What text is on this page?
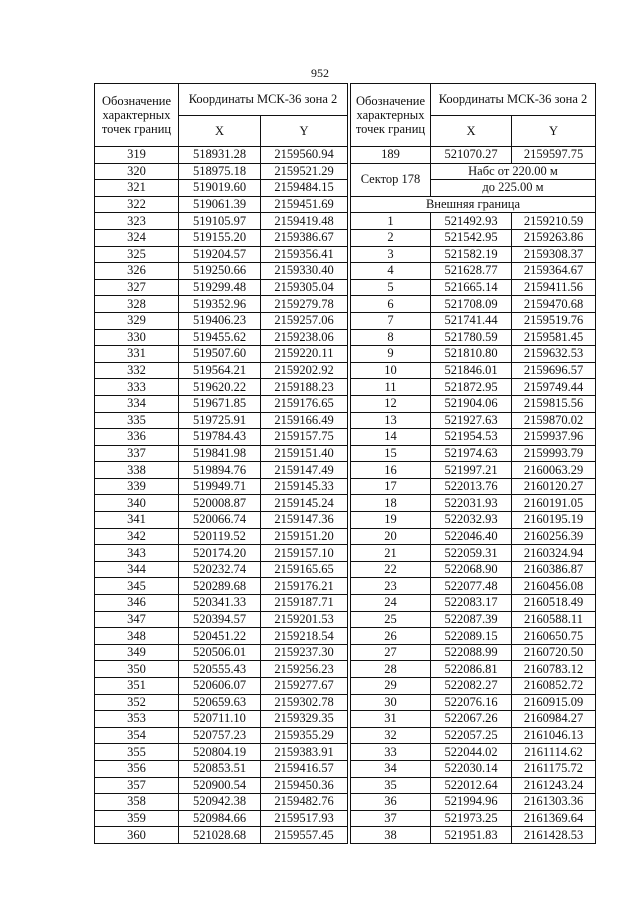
952
Обозначение характерных точек границ	Координаты МСК-36 зона 2	
	X	Y
319	518931.28	2159560.94
320	518975.18	2159521.29
321	519019.60	2159484.15
322	519061.39	2159451.69
323	519105.97	2159419.48
324	519155.20	2159386.67
325	519204.57	2159356.41
326	519250.66	2159330.40
327	519299.48	2159305.04
328	519352.96	2159279.78
329	519406.23	2159257.06
330	519455.62	2159238.06
331	519507.60	2159220.11
332	519564.21	2159202.92
333	519620.22	2159188.23
334	519671.85	2159176.65
335	519725.91	2159166.49
336	519784.43	2159157.75
337	519841.98	2159151.40
338	519894.76	2159147.49
339	519949.71	2159145.33
340	520008.87	2159145.24
341	520066.74	2159147.36
342	520119.52	2159151.20
343	520174.20	2159157.10
344	520232.74	2159165.65
345	520289.68	2159176.21
346	520341.33	2159187.71
347	520394.57	2159201.53
348	520451.22	2159218.54
349	520506.01	2159237.30
350	520555.43	2159256.23
351	520606.07	2159277.67
352	520659.63	2159302.78
353	520711.10	2159329.35
354	520757.23	2159355.29
355	520804.19	2159383.91
356	520853.51	2159416.57
357	520900.54	2159450.36
358	520942.38	2159482.76
359	520984.66	2159517.93
360	521028.68	2159557.45
Обозначение характерных точек границ	Координаты МСК-36 зона 2	
	X	Y
189	521070.27	2159597.75
Сектор 178	Набс от 220.00 м	
	до 225.00 м	
Внешняя граница		
1	521492.93	2159210.59
2	521542.95	2159263.86
3	521582.19	2159308.37
4	521628.77	2159364.67
5	521665.14	2159411.56
6	521708.09	2159470.68
7	521741.44	2159519.76
8	521780.59	2159581.45
9	521810.80	2159632.53
10	521846.01	2159696.57
11	521872.95	2159749.44
12	521904.06	2159815.56
13	521927.63	2159870.02
14	521954.53	2159937.96
15	521974.63	2159993.79
16	521997.21	2160063.29
17	522013.76	2160120.27
18	522031.93	2160191.05
19	522032.93	2160195.19
20	522046.40	2160256.39
21	522059.31	2160324.94
22	522068.90	2160386.87
23	522077.48	2160456.08
24	522083.17	2160518.49
25	522087.39	2160588.11
26	522089.15	2160650.75
27	522088.99	2160720.50
28	522086.81	2160783.12
29	522082.27	2160852.72
30	522076.16	2160915.09
31	522067.26	2160984.27
32	522057.25	2161046.13
33	522044.02	2161114.62
34	522030.14	2161175.72
35	522012.64	2161243.24
36	521994.96	2161303.36
37	521973.25	2161369.64
38	521951.83	2161428.53
